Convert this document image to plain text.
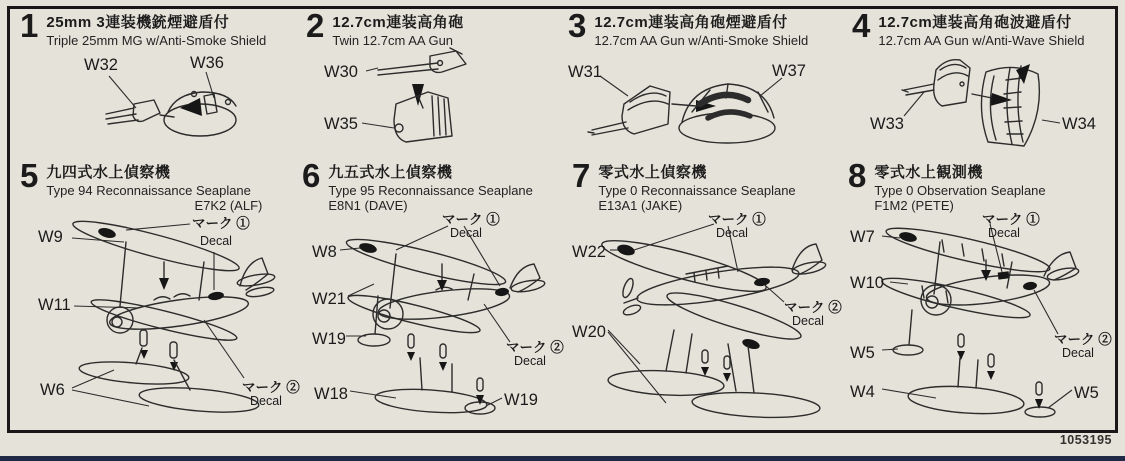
1 25mm 3連装機銃煙避盾付
Triple 25mm MG w/Anti-Smoke Shield
W32	W36
2 12.7cm連装高角砲
Twin 12.7cm AA Gun
W30
W35
3 12.7cm連装高角砲煙避盾付
12.7cm AA Gun w/Anti-Smoke Shield
W31	W37
4 12.7cm連装高角砲波避盾付
12.7cm AA Gun w/Anti-Wave Shield
W33	W34
5 九四式水上偵察機
Type 94 Reconnaissance Seaplane
E7K2 (ALF)
W9
W11
W6
マーク ①
Decal
マーク ②
Decal
6 九五式水上偵察機
Type 95 Reconnaissance Seaplane
E8N1 (DAVE)
W8
W21
W19
W18	W19
マーク ①
Decal
マーク ②
Decal
7 零式水上偵察機
Type 0 Reconnaissance Seaplane
E13A1 (JAKE)
W22
W20
マーク ①
Decal
マーク ②
Decal
8 零式水上観測機
Type 0 Observation Seaplane
F1M2 (PETE)
W7
W10
W5
W4	W5
マーク ①
Decal
マーク ②
Decal
1053195
